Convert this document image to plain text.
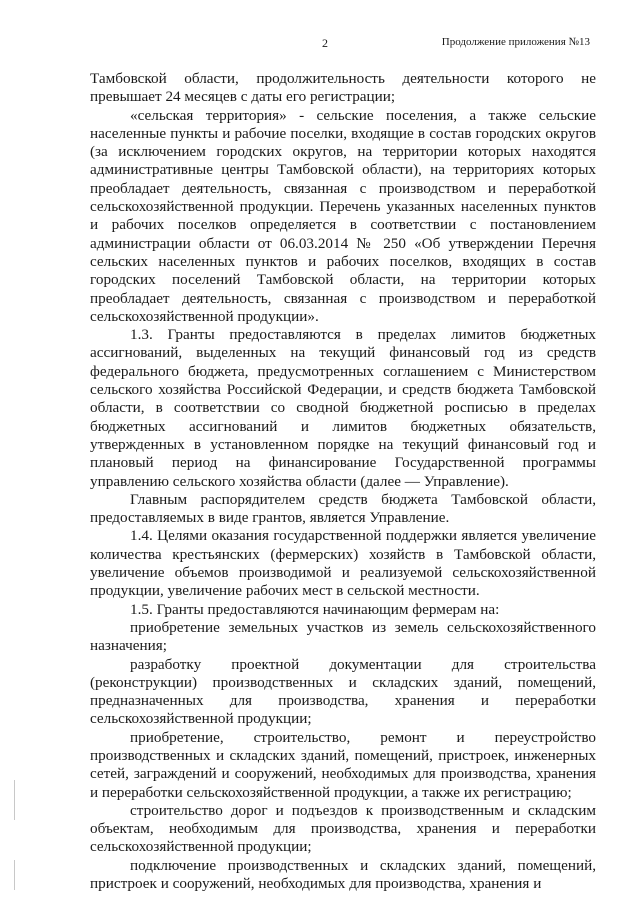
2	Продолжение приложения №13

Тамбовской области, продолжительность деятельности которого не превышает 24 месяцев с даты его регистрации;

«сельская территория» - сельские поселения, а также сельские населенные пункты и рабочие поселки, входящие в состав городских округов (за исключением городских округов, на территории которых находятся административные центры Тамбовской области), на территориях которых преобладает деятельность, связанная с производством и переработкой сельскохозяйственной продукции. Перечень указанных населенных пунктов и рабочих поселков определяется в соответствии с постановлением администрации области от 06.03.2014 № 250 «Об утверждении Перечня сельских населенных пунктов и рабочих поселков, входящих в состав городских поселений Тамбовской области, на территории которых преобладает деятельность, связанная с производством и переработкой сельскохозяйственной продукции».

1.3. Гранты предоставляются в пределах лимитов бюджетных ассигнований, выделенных на текущий финансовый год из средств федерального бюджета, предусмотренных соглашением с Министерством сельского хозяйства Российской Федерации, и средств бюджета Тамбовской области, в соответствии со сводной бюджетной росписью в пределах бюджетных ассигнований и лимитов бюджетных обязательств, утвержденных в установленном порядке на текущий финансовый год и плановый период на финансирование Государственной программы управлению сельского хозяйства области (далее — Управление).

Главным распорядителем средств бюджета Тамбовской области, предоставляемых в виде грантов, является Управление.

1.4. Целями оказания государственной поддержки является увеличение количества крестьянских (фермерских) хозяйств в Тамбовской области, увеличение объемов производимой и реализуемой сельскохозяйственной продукции, увеличение рабочих мест в сельской местности.

1.5. Гранты предоставляются начинающим фермерам на:

приобретение земельных участков из земель сельскохозяйственного назначения;

разработку проектной документации для строительства (реконструкции) производственных и складских зданий, помещений, предназначенных для производства, хранения и переработки сельскохозяйственной продукции;

приобретение, строительство, ремонт и переустройство производственных и складских зданий, помещений, пристроек, инженерных сетей, заграждений и сооружений, необходимых для производства, хранения и переработки сельскохозяйственной продукции, а также их регистрацию;

строительство дорог и подъездов к производственным и складским объектам, необходимым для производства, хранения и переработки сельскохозяйственной продукции;

подключение производственных и складских зданий, помещений, пристроек и сооружений, необходимых для производства, хранения и
